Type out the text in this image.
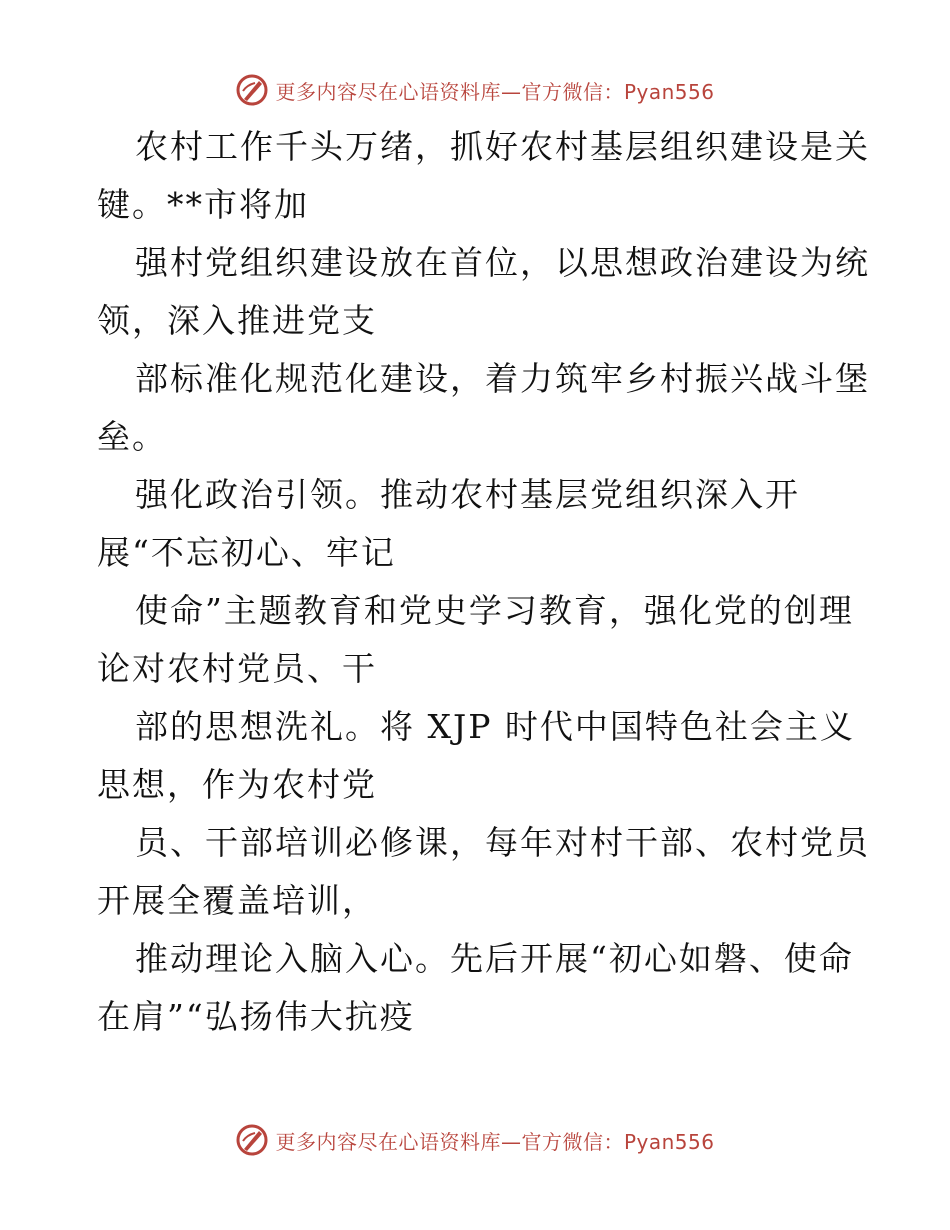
更多内容尽在心语资料库—官方微信：Pyan556
农村工作千头万绪，抓好农村基层组织建设是关
键。**市将加
强村党组织建设放在首位，以思想政治建设为统
领，深入推进党支
部标准化规范化建设，着力筑牢乡村振兴战斗堡
垒。
强化政治引领。推动农村基层党组织深入开
展“不忘初心、牢记
使命”主题教育和党史学习教育，强化党的创理
论对农村党员、干
部的思想洗礼。将 XJP 时代中国特色社会主义
思想，作为农村党
员、干部培训必修课，每年对村干部、农村党员
开展全覆盖培训，
推动理论入脑入心。先后开展“初心如磐、使命
在肩”“弘扬伟大抗疫
更多内容尽在心语资料库—官方微信：Pyan556
